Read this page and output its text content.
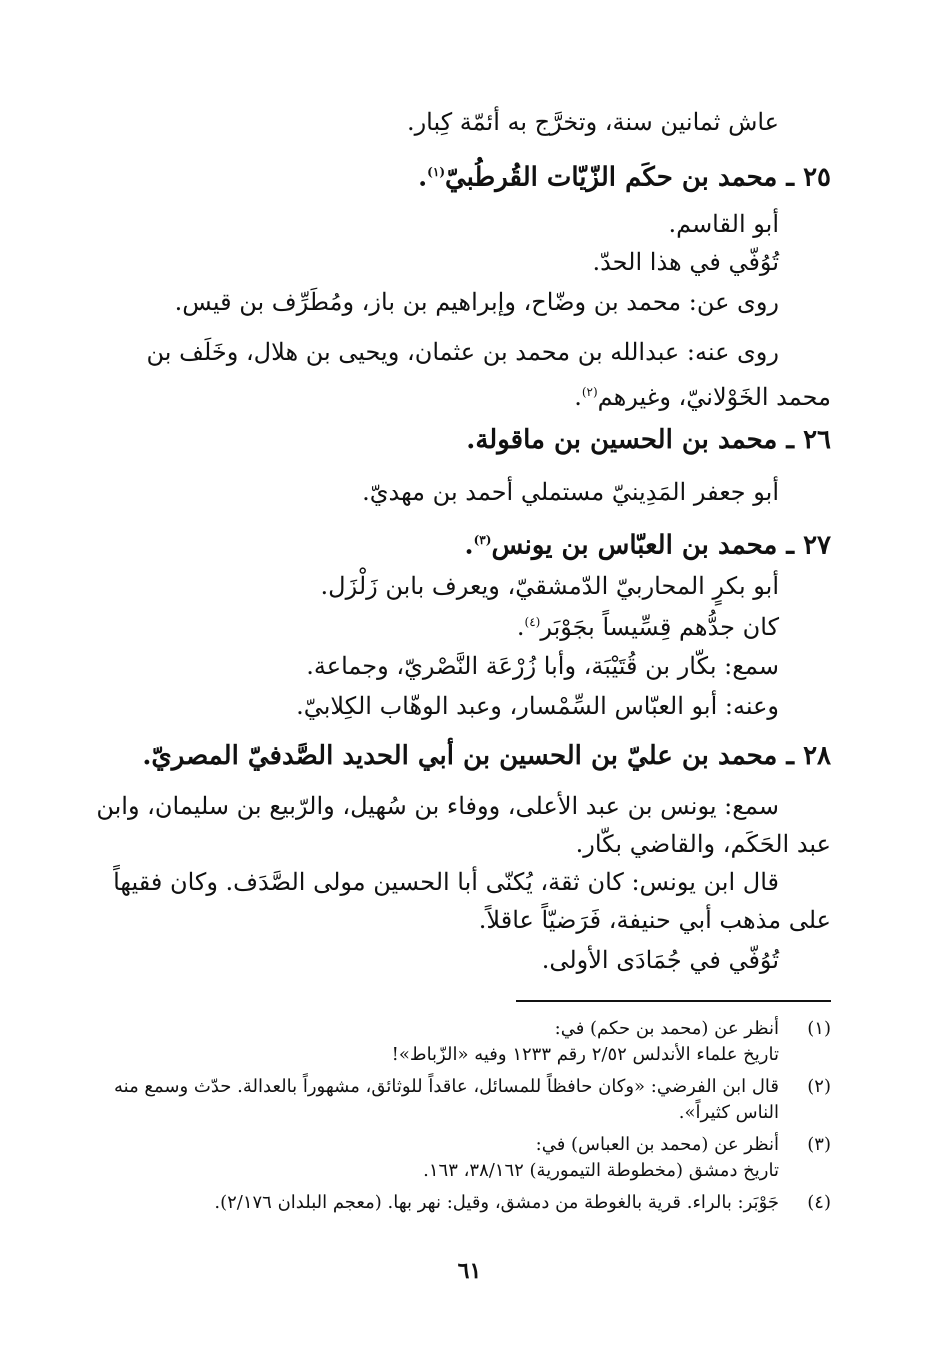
عاش ثمانين سنة، وتخرَّج به أئمّة كِبار.
٢٥ ـ محمد بن حكَم الزّيّات القُرطُبيّ$^{(١)}$.
أبو القاسم.
تُوُفّي في هذا الحدّ.
روى عن: محمد بن وضّاح، وإبراهيم بن باز، ومُطَرِّف بن قيس.
روى عنه: عبدالله بن محمد بن عثمان، ويحيى بن هلال، وخَلَف بن
محمد الخَوْلانيّ، وغيرهم$^{(٢)}$.
٢٦ ـ محمد بن الحسين بن ماقولة.
أبو جعفر المَدِينيّ مستملي أحمد بن مهديّ.
٢٧ ـ محمد بن العبّاس بن يونس$^{(٣)}$.
أبو بكرٍ المحاربيّ الدّمشقيّ، ويعرف بابن زَلْزَل.
كان جدُّهم قِسِّيساً بجَوْبَر$^{(٤)}$.
سمع: بكّار بن قُتَيْبَة، وأبا زُرْعَة النَّصْريّ، وجماعة.
وعنه: أبو العبّاس السِّمْسار، وعبد الوهّاب الكِلابيّ.
٢٨ ـ محمد بن عليّ بن الحسين بن أبي الحديد الصَّدفيّ المصريّ.
سمع: يونس بن عبد الأعلى، ووفاء بن سُهيل، والرّبيع بن سليمان، وابن
عبد الحَكَم، والقاضي بكّار.
قال ابن يونس: كان ثقة، يُكنّى أبا الحسين مولى الصَّدَف. وكان فقيهاً
على مذهب أبي حنيفة، فَرَضيّاً عاقلاً.
تُوُفّي في جُمَادَى الأولى.
(١)
أنظر عن (محمد بن حكم) في:
تاريخ علماء الأندلس ٢/٥٢ رقم ١٢٣٣ وفيه «الزّباط»!
(٢)
قال ابن الفرضي: «وكان حافظاً للمسائل، عاقداً للوثائق، مشهوراً بالعدالة. حدّث وسمع منه
الناس كثيراً».
(٣)
أنظر عن (محمد بن العباس) في:
تاريخ دمشق (مخطوطة التيمورية) ٣٨/١٦٢، ١٦٣.
(٤)
جَوْبَر: بالراء. قرية بالغوطة من دمشق، وقيل: نهر بها. (معجم البلدان ٢/١٧٦).
٦١
